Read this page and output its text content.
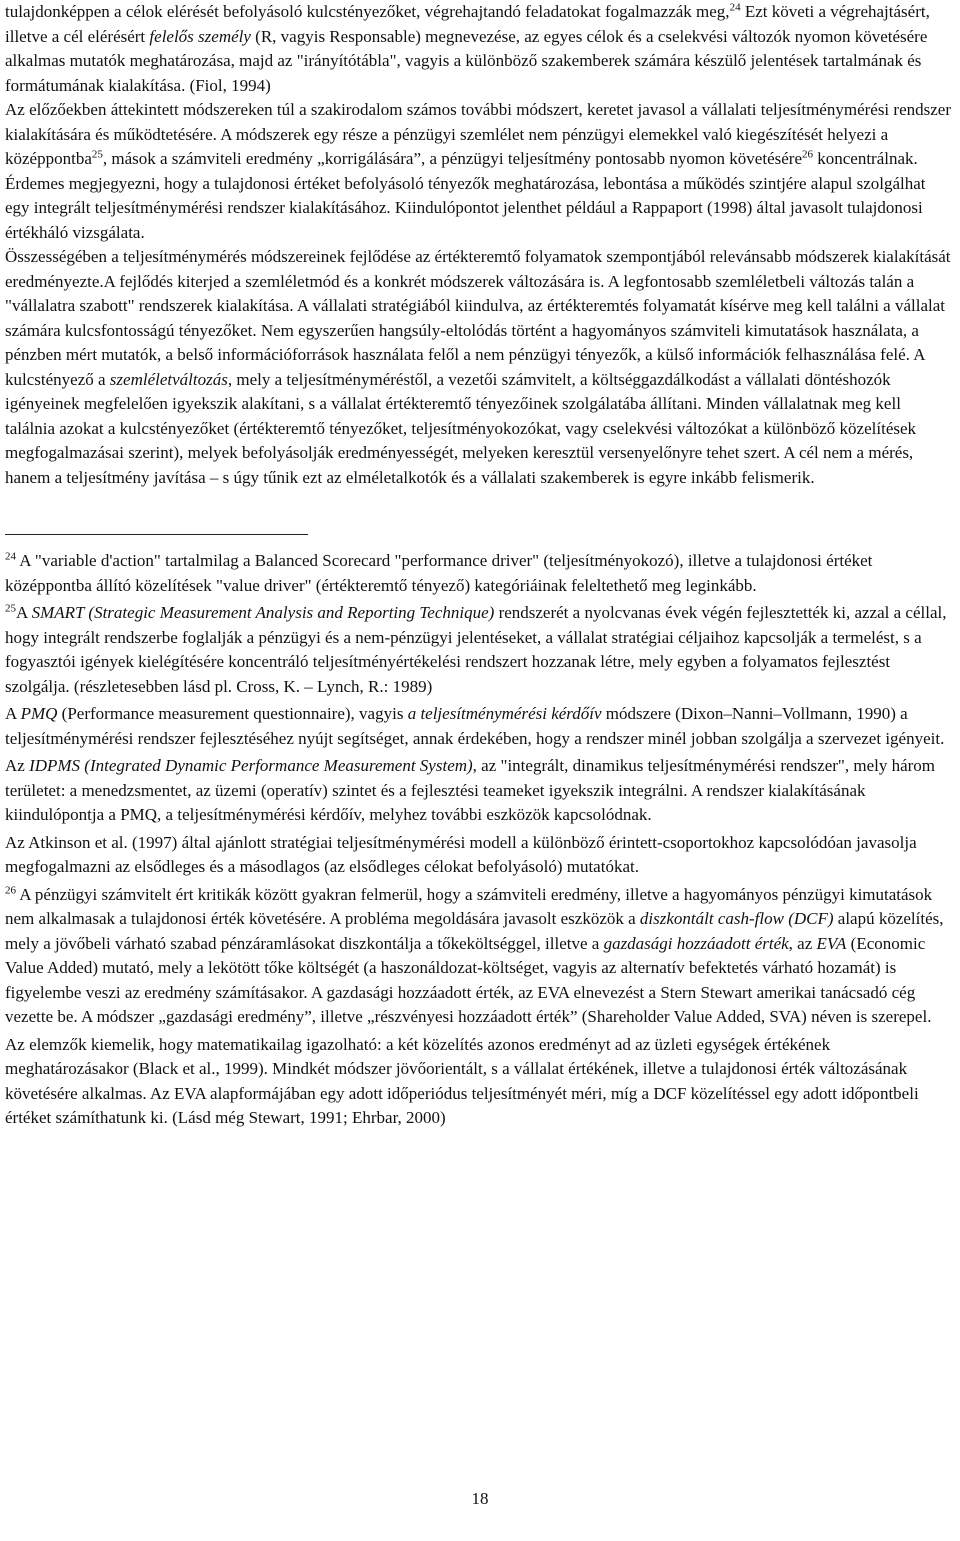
tulajdonképpen a célok elérését befolyásoló kulcstényezőket, végrehajtandó feladatokat fogalmazzák meg,$^{24}$ Ezt követi a végrehajtásért, illetve a cél elérésért felelős személy (R, vagyis Responsable) megnevezése, az egyes célok és a cselekvési változók nyomon követésére alkalmas mutatók meghatározása, majd az "irányítótábla", vagyis a különböző szakemberek számára készülő jelentések tartalmának és formátumának kialakítása. (Fiol, 1994)

Az előzőekben áttekintett módszereken túl a szakirodalom számos további módszert, keretet javasol a vállalati teljesítménymérési rendszer kialakítására és működtetésére. A módszerek egy része a pénzügyi szemlélet nem pénzügyi elemekkel való kiegészítését helyezi a középpontba$^{25}$, mások a számviteli eredmény „korrigálására”, a pénzügyi teljesítmény pontosabb nyomon követésére$^{26}$ koncentrálnak. Érdemes megjegyezni, hogy a tulajdonosi értéket befolyásoló tényezők meghatározása, lebontása a működés szintjére alapul szolgálhat egy integrált teljesítménymérési rendszer kialakításához. Kiindulópontot jelenthet például a Rappaport (1998) által javasolt tulajdonosi értékháló vizsgálata.

Összességében a teljesítménymérés módszereinek fejlődése az értékteremtő folyamatok szempontjából relevánsabb módszerek kialakítását eredményezte.A fejlődés kiterjed a szemléletmód és a konkrét módszerek változására is. A legfontosabb szemléletbeli változás talán a "vállalatra szabott" rendszerek kialakítása. A vállalati stratégiából kiindulva, az értékteremtés folyamatát kísérve meg kell találni a vállalat számára kulcsfontosságú tényezőket. Nem egyszerűen hangsúly-eltolódás történt a hagyományos számviteli kimutatások használata, a pénzben mért mutatók, a belső információforrások használata felől a nem pénzügyi tényezők, a külső információk felhasználása felé. A kulcstényező a szemléletváltozás, mely a teljesítményméréstől, a vezetői számvitelt, a költséggazdálkodást a vállalati döntéshozók igényeinek megfelelően igyekszik alakítani, s a vállalat értékteremtő tényezőinek szolgálatába állítani. Minden vállalatnak meg kell találnia azokat a kulcstényezőket (értékteremtő tényezőket, teljesítményokozókat, vagy cselekvési változókat a különböző közelítések megfogalmazásai szerint), melyek befolyásolják eredményességét, melyeken keresztül versenyelőnyre tehet szert. A cél nem a mérés, hanem a teljesítmény javítása – s úgy tűnik ezt az elméletalkotók és a vállalati szakemberek is egyre inkább felismerik.

$^{24}$ A "variable d'action" tartalmilag a Balanced Scorecard "performance driver" (teljesítményokozó), illetve a tulajdonosi értéket középpontba állító közelítések "value driver" (értékteremtő tényező) kategóriáinak feleltethető meg leginkább.

$^{25}$A SMART (Strategic Measurement Analysis and Reporting Technique) rendszerét a nyolcvanas évek végén fejlesztették ki, azzal a céllal, hogy integrált rendszerbe foglalják a pénzügyi és a nem-pénzügyi jelentéseket, a vállalat stratégiai céljaihoz kapcsolják a termelést, s a fogyasztói igények kielégítésére koncentráló teljesítményértékelési rendszert hozzanak létre, mely egyben a folyamatos fejlesztést szolgálja. (részletesebben lásd pl. Cross, K. – Lynch, R.: 1989)

A PMQ (Performance measurement questionnaire), vagyis a teljesítménymérési kérdőív módszere (Dixon–Nanni–Vollmann, 1990) a teljesítménymérési rendszer fejlesztéséhez nyújt segítséget, annak érdekében, hogy a rendszer minél jobban szolgálja a szervezet igényeit.

Az IDPMS (Integrated Dynamic Performance Measurement System), az "integrált, dinamikus teljesítménymérési rendszer", mely három területet: a menedzsmentet, az üzemi (operatív) szintet és a fejlesztési teameket igyekszik integrálni. A rendszer kialakításának kiindulópontja a PMQ, a teljesítménymérési kérdőív, melyhez további eszközök kapcsolódnak.

Az Atkinson et al. (1997) által ajánlott stratégiai teljesítménymérési modell a különböző érintett-csoportokhoz kapcsolódóan javasolja megfogalmazni az elsődleges és a másodlagos (az elsődleges célokat befolyásoló) mutatókat.

$^{26}$ A pénzügyi számvitelt ért kritikák között gyakran felmerül, hogy a számviteli eredmény, illetve a hagyományos pénzügyi kimutatások nem alkalmasak a tulajdonosi érték követésére. A probléma megoldására javasolt eszközök a diszkontált cash-flow (DCF) alapú közelítés, mely a jövőbeli várható szabad pénzáramlásokat diszkontálja a tőkeköltséggel, illetve a gazdasági hozzáadott érték, az EVA (Economic Value Added) mutató, mely a lekötött tőke költségét (a haszonáldozat-költséget, vagyis az alternatív befektetés várható hozamát) is figyelembe veszi az eredmény számításakor. A gazdasági hozzáadott érték, az EVA elnevezést a Stern Stewart amerikai tanácsadó cég vezette be. A módszer „gazdasági eredmény”, illetve „részvényesi hozzáadott érték” (Shareholder Value Added, SVA) néven is szerepel.

Az elemzők kiemelik, hogy matematikailag igazolható: a két közelítés azonos eredményt ad az üzleti egységek értékének meghatározásakor (Black et al., 1999). Mindkét módszer jövőorientált, s a vállalat értékének, illetve a tulajdonosi érték változásának követésére alkalmas. Az EVA alapformájában egy adott időperiódus teljesítményét méri, míg a DCF közelítéssel egy adott időpontbeli értéket számíthatunk ki. (Lásd még Stewart, 1991; Ehrbar, 2000)

18
